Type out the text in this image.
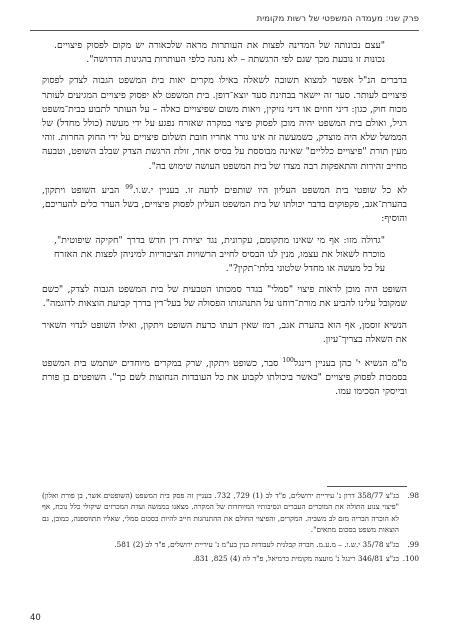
פרק שני: מעמדה המשפטי של רשות מקומית

"עצם נכונותה של המדינה לפצות את העותרות מראה שלכאורה יש מקום לפסוק פיצויים. נכונות זו נובעת מכך שגם לפי הרגשתה – לא נהגה כלפי העותרות בהגינות הדרושה".

בדברים הנ"ל אפשר למצוא תשובה לשאלה באילו מקרים יאות בית המשפט הגבוה לצדק לפסוק פיצויים לעותר. סעד זה יישאר בבחינת סעד יוצא־דופן. בית המשפט לא יפסוק פיצויים המגיעים לעותר מכוח חוק, כגון: דיני חוזים או דיני נזיקין, ויאות משום שפיצויים כאלה – על העותר לתבוע בבית־משפט רגיל, ואולם בית המשפט יהיה מוכן לפסוק פיצוי במקרה שאזרח נפגע על ידי מעשה (כולל מחדל) של הממשל שלא היה מוצדק, כשמעשה זה אינו גורר אחריו חובת תשלום פיצויים על ידי החוק החרות. זוהי מעין תורת "פיצויים כלליים" שאינה מבוססת על בסיס אחר, זולת הרגשת הצדק שבלב השופט, וטבעה מחייב זהירות והתאפקות רבה מצדו של בית המשפט העושה שימוש בה".

לא כל שופטי בית המשפט העליון היו שותפים לדעה זו. בעניין י.ש.ו.$^{99}$ הביע השופט ויתקון, בהערת־אגב, פקפוקים בדבר יכולתו של בית המשפט העליון לפסוק פיצויים, בשל העדר כלים להעריכם, והוסיף:

"גדולה מזו: אף מי שאינו מתקומם, עקרונית, נגד יצירת דין חדש בדרך "חקיקה שיפוטית", מוכרח לשאול את עצמו, מנין לנו הבסיס לחייב הרשויות הציבוריות למיניהן לפצות את האזרח על כל מעשה או מחדל שלטוני בלתי־תקין?".

השופט היה מוכן לראות פיצוי "סמלי" בגדר סמכותו הטבעית של בית המשפט הגבוה לצדק, "כשם שמקובל עלינו להביע את מורת־רוחנו על התנהגותו הפסולה של בעל־דין בדרך קביעת הוצאות לדוגמה".

הנשיא זוסמן, אף הוא בהערת אגב, רמז שאין דעתו כדעת השופט ויתקון, ואילו השופט לנדוי השאיר את השאלה בצריך־עיון.

מ"מ הנשיא י' כהן בעניין רינגל$^{100}$ סבר, כשופט ויתקון, שרק במקרים מיוחדים ישתמש בית המשפט בסמכות לפסוק פיצויים "כאשר ביכולתו לקבוע את כל העובדות הנחוצות לשם כך". השופטים בן פורת ובייסקי הסכימו עמו.

98.
בג"צ 358/77 דרון נ' עיריית ירושלים, פ"ד לב (1) 729, 732. בעניין זה פסק בית המשפט (השופטים אשר, בן פורת ואלון) "פיצוי צנוע התולה את המוכרים העברים ונסיבותיו המיוחדות של המקרה. מצאנו בממשה ועדת המכרזים שיקולי כלל נוכח, אף לא הוכרה הבריה מזם לב משביה. המקרים, והפיצוי החולם את ההתנהגות חייב להיות בסכום סמלי, שאליו תתווספנה, כמובן, גם הוצאות משפט בסכום מתאים".
99.
בג"צ 35/78 י.ש.ו. – מ.ע.מ. חברה קבלנית לעבודות בנין בע"מ נ' עיריית ירושלים, פ"ד לב (2) 581.
100.
בג"צ 346/81 רינגל נ' מועצה מקומית כרמיאל, פ"ד לה (4) 825, 831.
40
